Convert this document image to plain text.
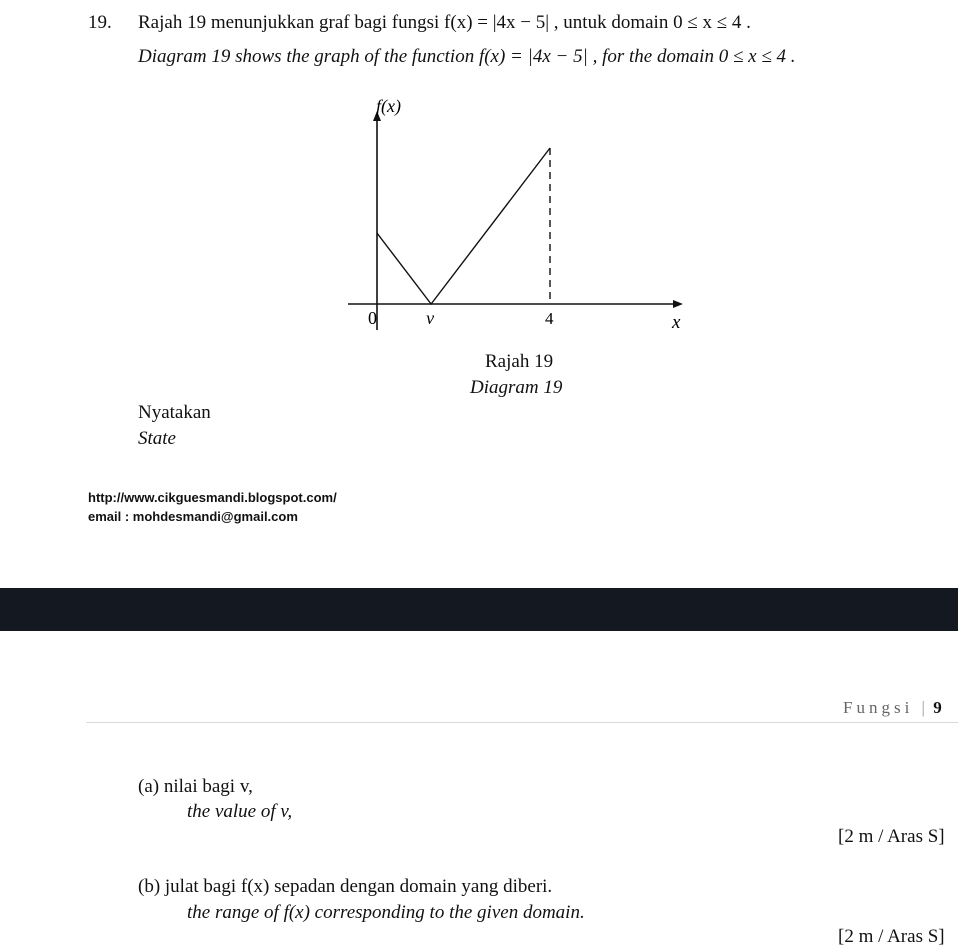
19. Rajah 19 menunjukkan graf bagi fungsi f(x) = |4x − 5| , untuk domain 0 ≤ x ≤ 4 .
Diagram 19 shows the graph of the function f(x) = |4x − 5| , for the domain 0 ≤ x ≤ 4 .
f(x)
x
0	v	4
Rajah 19
Diagram 19
Nyatakan
State
http://www.cikguesmandi.blogspot.com/
email : mohdesmandi@gmail.com
Fungsi | 9
(a) nilai bagi v,
the value of v,
[2 m / Aras S]
(b) julat bagi f(x) sepadan dengan domain yang diberi.
the range of f(x) corresponding to the given domain.
[2 m / Aras S]
